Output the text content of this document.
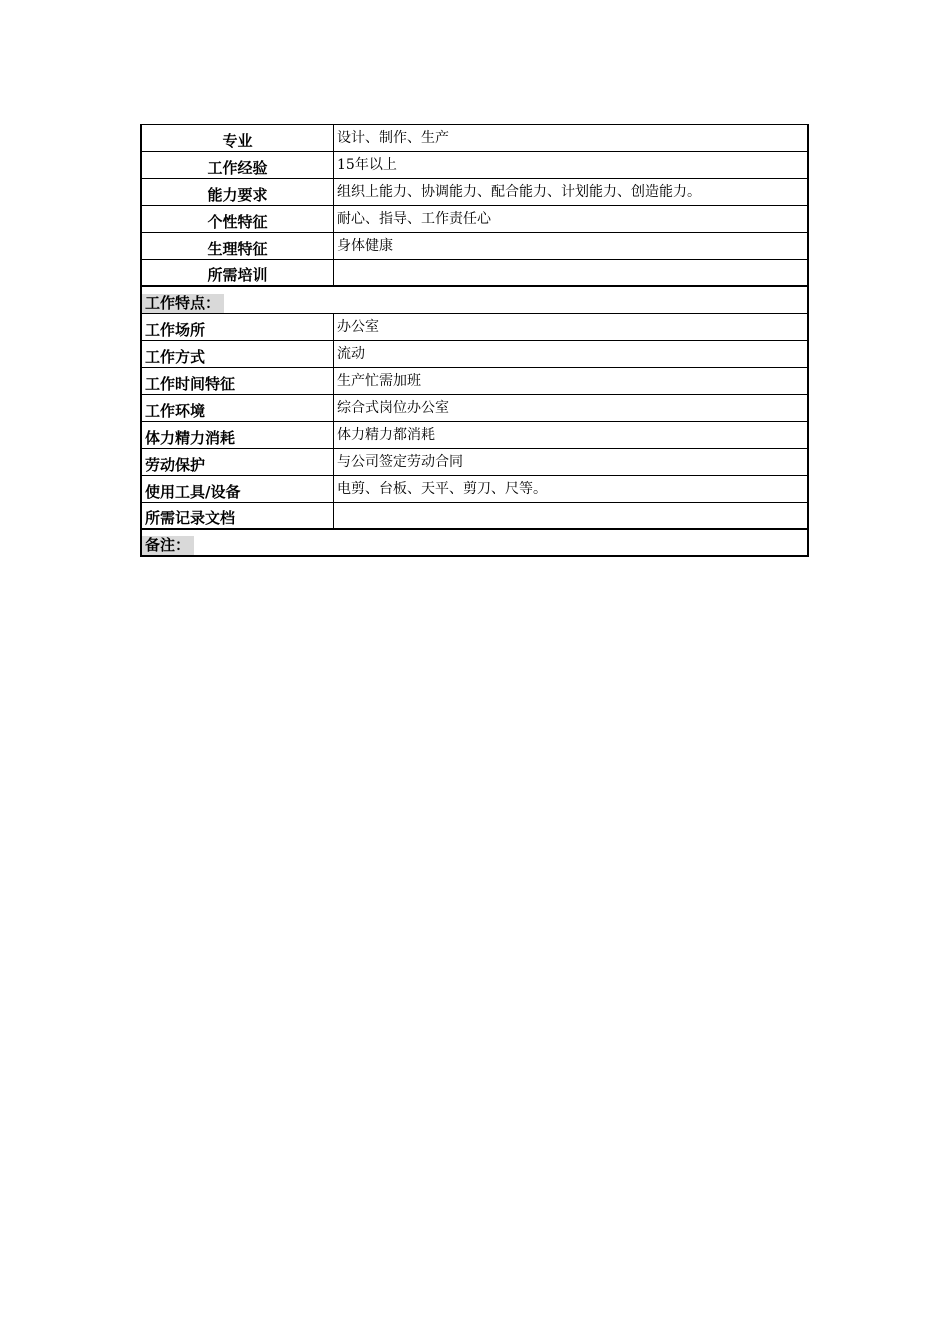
专业	设计、制作、生产
工作经验	15年以上
能力要求	组织上能力、协调能力、配合能力、计划能力、创造能力。
个性特征	耐心、指导、工作责任心
生理特征	身体健康
所需培训
工作特点：
工作场所	办公室
工作方式	流动
工作时间特征	生产忙需加班
工作环境	综合式岗位办公室
体力精力消耗	体力精力都消耗
劳动保护	与公司签定劳动合同
使用工具/设备	电剪、台板、天平、剪刀、尺等。
所需记录文档
备注：
